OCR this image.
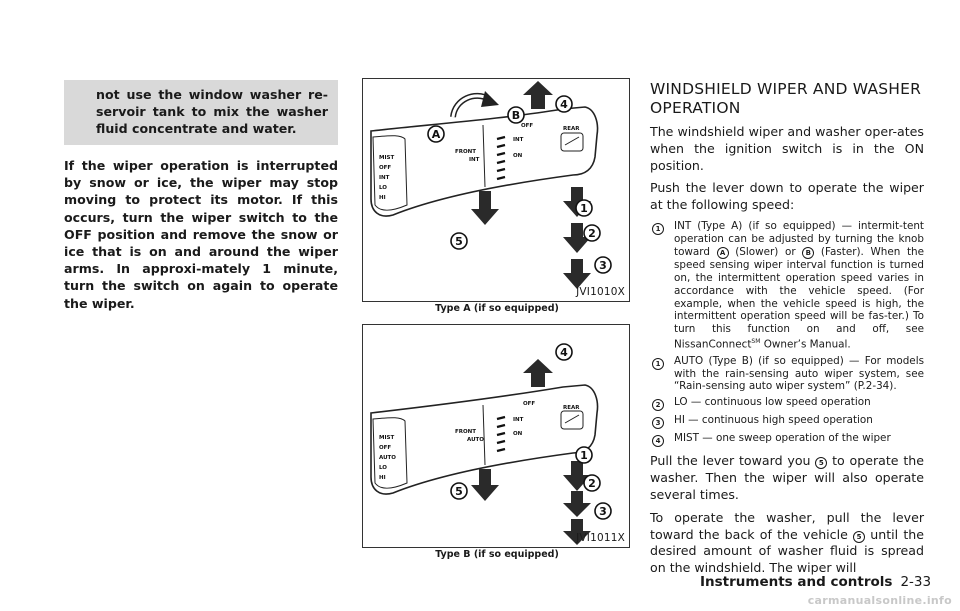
not use the window washer re-servoir tank to mix the washer fluid concentrate and water.
If the wiper operation is interrupted by snow or ice, the wiper may stop moving to protect its motor. If this occurs, turn the wiper switch to the OFF position and remove the snow or ice that is on and around the wiper arms. In approxi-mately 1 minute, turn the switch on again to operate the wiper.
MIST
OFF
INT
LO
HI
FRONT
INT
OFF
INT
ON
REAR
A
B
4
5
1
2
3
JVI1010X
Type A (if so equipped)
MIST
OFF
AUTO
LO
HI
FRONT
AUTO
OFF
INT
ON
REAR
4
5
1
2
3
JVI1011X
Type B (if so equipped)
WINDSHIELD WIPER AND WASHER OPERATION
The windshield wiper and washer oper-ates when the ignition switch is in the ON position.
Push the lever down to operate the wiper at the following speed:
1	INT (Type A) (if so equipped) — intermit-tent operation can be adjusted by turning the knob toward A (Slower) or B (Faster). When the speed sensing wiper interval function is turned on, the intermittent operation speed varies in accordance with the vehicle speed. (For example, when the vehicle speed is high, the intermittent operation speed will be fas-ter.) To turn this function on and off, see NissanConnect℠ Owner’s Manual.
1	AUTO (Type B) (if so equipped) — For models with the rain-sensing auto wiper system, see “Rain-sensing auto wiper system” (P.2-34).
2	LO — continuous low speed operation
3	HI — continuous high speed operation
4	MIST — one sweep operation of the wiper
Pull the lever toward you 5 to operate the washer. Then the wiper will also operate several times.
To operate the washer, pull the lever toward the back of the vehicle 5 until the desired amount of washer fluid is spread on the windshield. The wiper will
Instruments and controls 2-33
carmanualsonline.info
